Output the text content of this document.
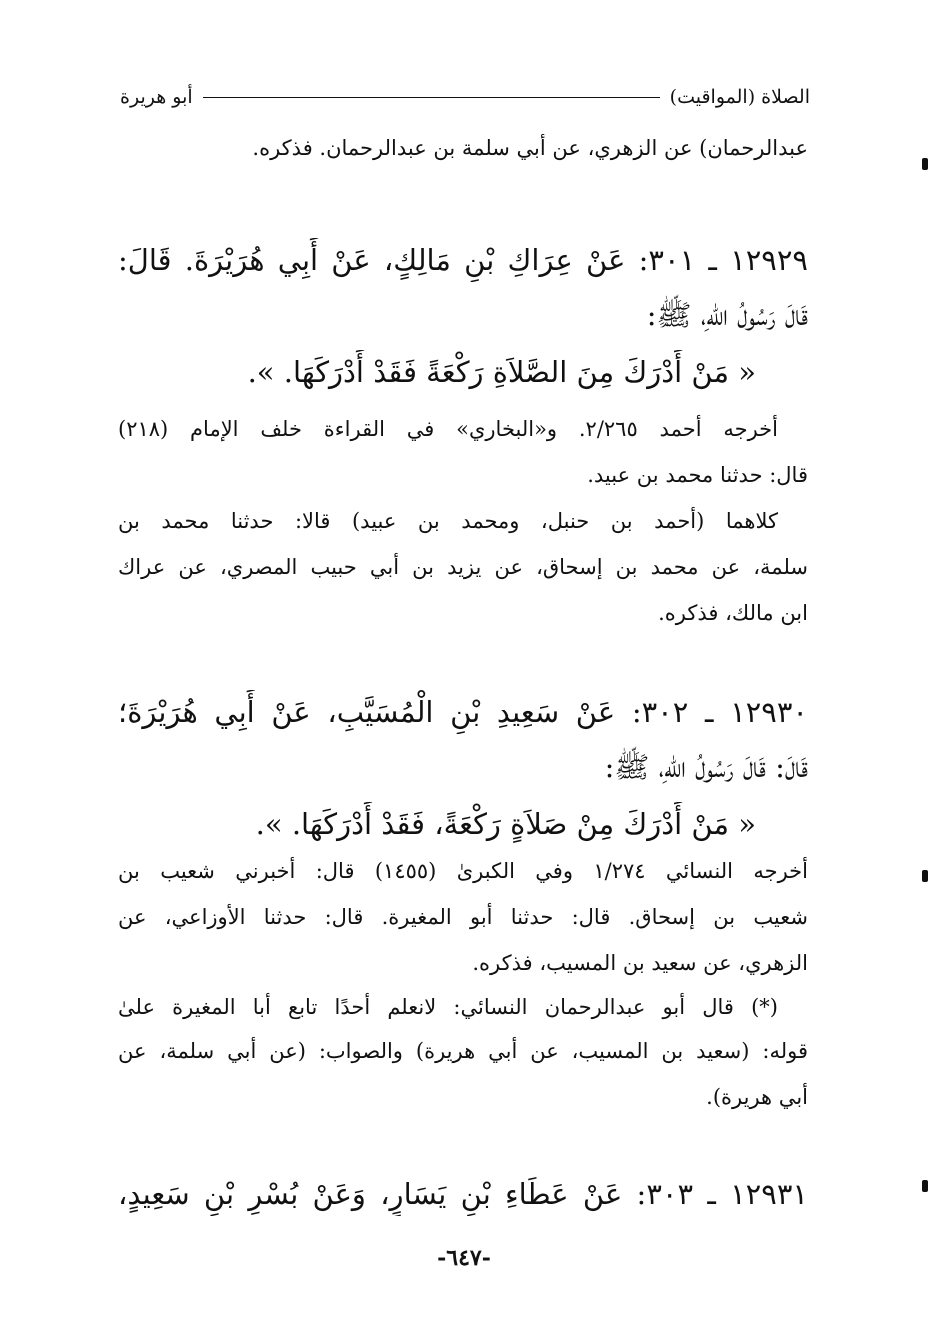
الصلاة (المواقيت)
أبو هريرة
عبدالرحمان) عن الزهري، عن أبي سلمة بن عبدالرحمان. فذكره.
١٢٩٢٩ ـ ٣٠١: عَنْ عِرَاكِ بْنِ مَالِكٍ، عَنْ أَبِي هُرَيْرَةَ. قَالَ:
قَالَ رَسُولُ اللهِ، ﷺ:
« مَنْ أَدْرَكَ مِنَ الصَّلاَةِ رَكْعَةً فَقَدْ أَدْرَكَهَا. ».
أخرجه أحمد ٢/٢٦٥. و«البخاري» في القراءة خلف الإمام (٢١٨)
قال: حدثنا محمد بن عبيد.
كلاهما (أحمد بن حنبل، ومحمد بن عبيد) قالا: حدثنا محمد بن
سلمة، عن محمد بن إسحاق، عن يزيد بن أبي حبيب المصري، عن عراك
ابن مالك، فذكره.
١٢٩٣٠ ـ ٣٠٢: عَنْ سَعِيدِ بْنِ الْمُسَيَّبِ، عَنْ أَبِي هُرَيْرَةَ؛
قَالَ: قَالَ رَسُولُ اللهِ، ﷺ:
« مَنْ أَدْرَكَ مِنْ صَلاَةٍ رَكْعَةً، فَقَدْ أَدْرَكَهَا. ».
أخرجه النسائي ١/٢٧٤ وفي الكبرىٰ (١٤٥٥) قال: أخبرني شعيب بن
شعيب بن إسحاق. قال: حدثنا أبو المغيرة. قال: حدثنا الأوزاعي، عن
الزهري، عن سعيد بن المسيب، فذكره.
(*) قال أبو عبدالرحمان النسائي: لانعلم أحدًا تابع أبا المغيرة علىٰ
قوله: (سعيد بن المسيب، عن أبي هريرة) والصواب: (عن أبي سلمة، عن
أبي هريرة).
١٢٩٣١ ـ ٣٠٣: عَنْ عَطَاءِ بْنِ يَسَارٍ، وَعَنْ بُسْرِ بْنِ سَعِيدٍ،
-٦٤٧-
